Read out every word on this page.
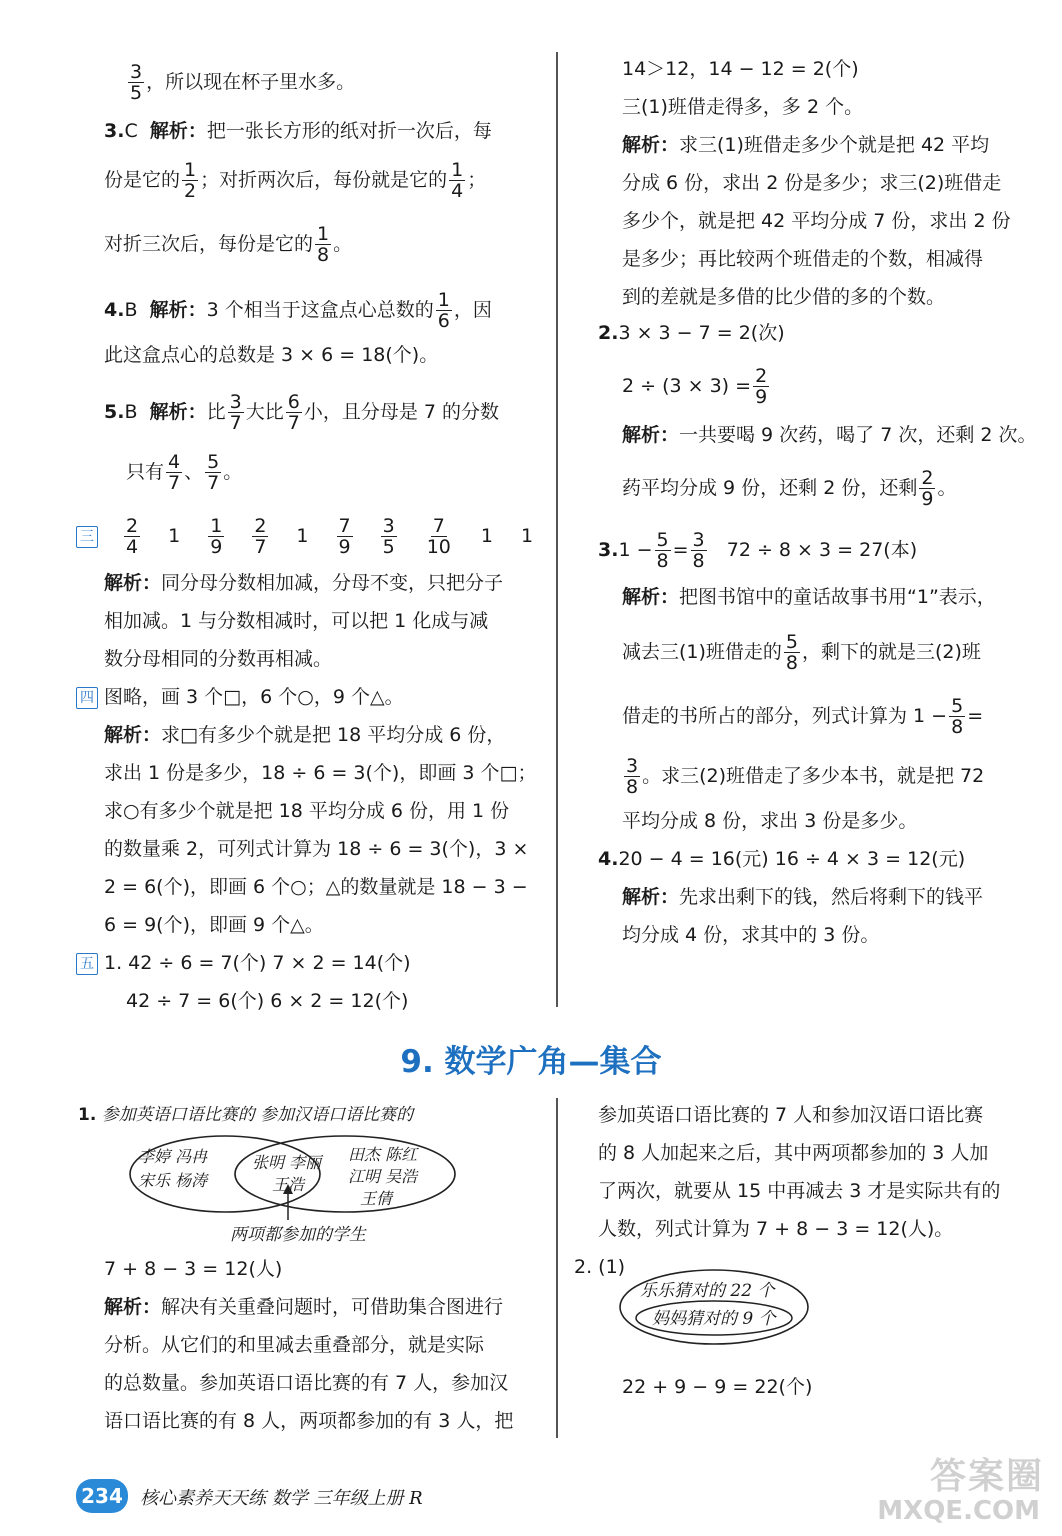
$\frac{3}{5}$ ，所以现在杯子里水多。
3.C 解析：把一张长方形的纸对折一次后，每
份是它的 $\frac{1}{2}$ ；对折两次后，每份就是它的 $\frac{1}{4}$ ；
对折三次后，每份是它的 $\frac{1}{8}$ 。
4.B 解析：3 个相当于这盒点心总数的 $\frac{1}{6}$ ，因
此这盒点心的总数是 3 × 6 = 18(个)。
5.B 解析：比 $\frac{3}{7}$ 大比 $\frac{6}{7}$ 小，且分母是 7 的分数
只有 $\frac{4}{7}$ 、 $\frac{5}{7}$ 。
三 $\frac{2}{4} 1 \frac{1}{9} \frac{2}{7} 1 \frac{7}{9} \frac{3}{5} \frac{7}{10} 1$ 1
解析：同分母分数相加减，分母不变，只把分子
相加减。1 与分数相减时，可以把 1 化成与减
数分母相同的分数再相减。
四 图略，画 3 个□，6 个○，9 个△。
解析：求□有多少个就是把 18 平均分成 6 份，
求出 1 份是多少，18 ÷ 6 = 3(个)，即画 3 个□；
求○有多少个就是把 18 平均分成 6 份，用 1 份
的数量乘 2，可列式计算为 18 ÷ 6 = 3(个)，3 ×
2 = 6(个)，即画 6 个○；△的数量就是 18 − 3 −
6 = 9(个)，即画 9 个△。
五 1. 42 ÷ 6 = 7(个) 7 × 2 = 14(个)
42 ÷ 7 = 6(个) 6 × 2 = 12(个)
14＞12，14 − 12 = 2(个)
三(1)班借走得多，多 2 个。
解析：求三(1)班借走多少个就是把 42 平均
分成 6 份，求出 2 份是多少；求三(2)班借走
多少个，就是把 42 平均分成 7 份，求出 2 份
是多少；再比较两个班借走的个数，相减得
到的差就是多借的比少借的多的个数。
2.3 × 3 − 7 = 2(次)
$2 \div (3 \times 3) = \frac{2}{9}$
解析：一共要喝 9 次药，喝了 7 次，还剩 2 次。
药平均分成 9 份，还剩 2 份，还剩 $\frac{2}{9}$ 。
$3.1 - \frac{5}{8} = \frac{3}{8} 72 \div 8 \times 3 = 27$(本)
解析：把图书馆中的童话故事书用“1”表示，
减去三(1)班借走的 $\frac{5}{8}$ ，剩下的就是三(2)班
借走的书所占的部分，列式计算为 $1 - \frac{5}{8}$ =
$\frac{3}{8}$ 。求三(2)班借走了多少本书，就是把 72
平均分成 8 份，求出 3 份是多少。
4.20 − 4 = 16(元) 16 ÷ 4 × 3 = 12(元)
解析：先求出剩下的钱，然后将剩下的钱平
均分成 4 份，求其中的 3 份。
9. 数学广角—集合
1. 参加英语口语比赛的 参加汉语口语比赛的
李婷 冯冉
宋乐 杨涛
张明 李丽
王浩
田杰 陈红
江明 吴浩
王倩
两项都参加的学生
7 + 8 − 3 = 12(人)
解析：解决有关重叠问题时，可借助集合图进行
分析。从它们的和里减去重叠部分，就是实际
的总数量。参加英语口语比赛的有 7 人，参加汉
语口语比赛的有 8 人，两项都参加的有 3 人，把
参加英语口语比赛的 7 人和参加汉语口语比赛
的 8 人加起来之后，其中两项都参加的 3 人加
了两次，就要从 15 中再减去 3 才是实际共有的
人数，列式计算为 7 + 8 − 3 = 12(人)。
2. (1)
乐乐猜对的 22 个
妈妈猜对的 9 个
22 + 9 − 9 = 22(个)
234 核心素养天天练 数学 三年级上册 R
答案圈
MXQE.COM
